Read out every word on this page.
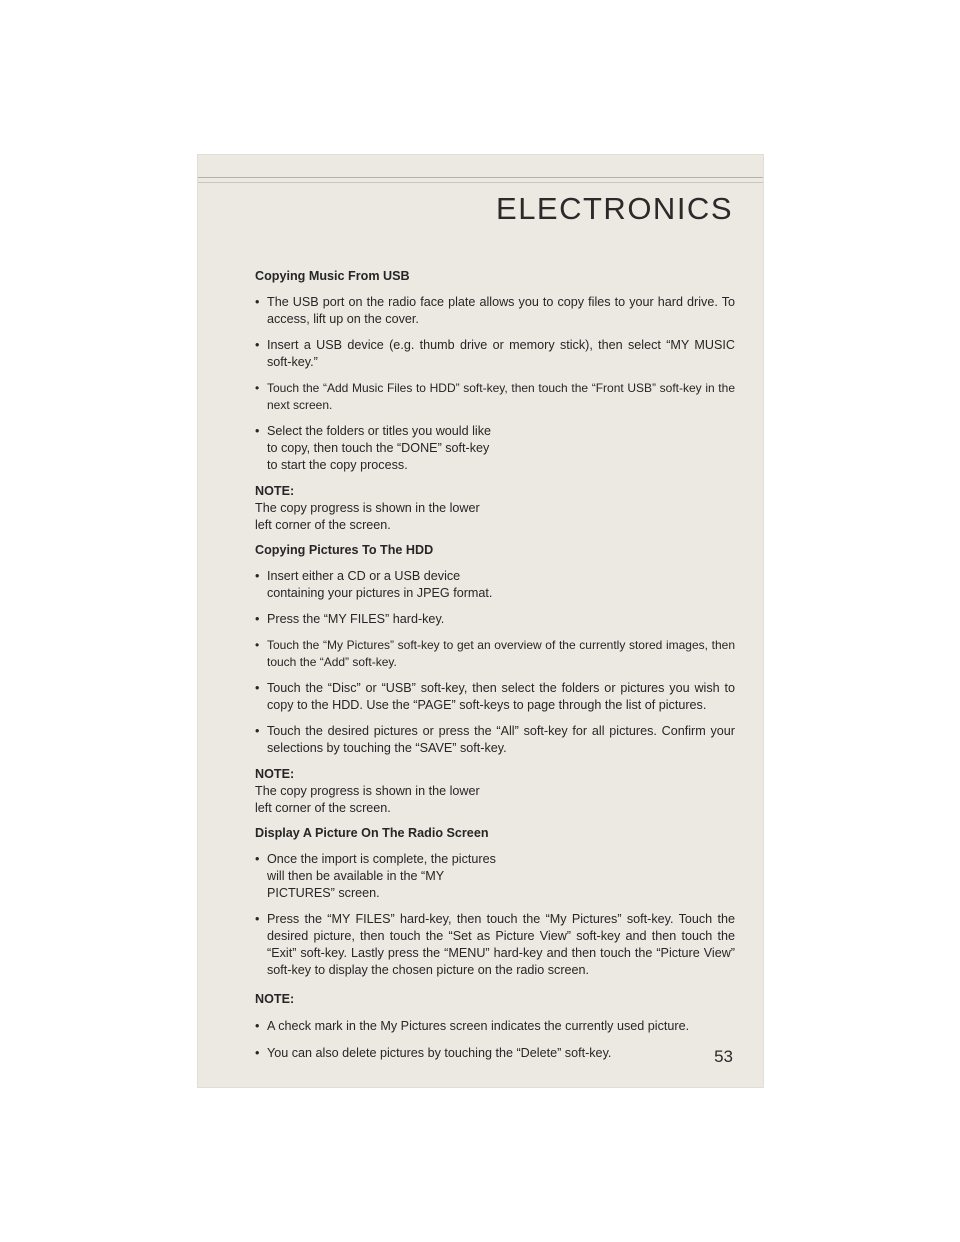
ELECTRONICS
Copying Music From USB
• The USB port on the radio face plate allows you to copy files to your hard drive. To access, lift up on the cover.
• Insert a USB device (e.g. thumb drive or memory stick), then select “MY MUSIC soft-key.”
• Touch the “Add Music Files to HDD” soft-key, then touch the “Front USB” soft-key in the next screen.
• Select the folders or titles you would like to copy, then touch the “DONE” soft-key to start the copy process.
NOTE:
The copy progress is shown in the lower left corner of the screen.
Copying Pictures To The HDD
• Insert either a CD or a USB device containing your pictures in JPEG format.
• Press the “MY FILES” hard-key.
• Touch the “My Pictures” soft-key to get an overview of the currently stored images, then touch the “Add” soft-key.
• Touch the “Disc” or “USB” soft-key, then select the folders or pictures you wish to copy to the HDD. Use the “PAGE” soft-keys to page through the list of pictures.
• Touch the desired pictures or press the “All” soft-key for all pictures. Confirm your selections by touching the “SAVE” soft-key.
NOTE:
The copy progress is shown in the lower left corner of the screen.
Display A Picture On The Radio Screen
• Once the import is complete, the pictures will then be available in the “MY PICTURES” screen.
• Press the “MY FILES” hard-key, then touch the “My Pictures” soft-key. Touch the desired picture, then touch the “Set as Picture View” soft-key and then touch the “Exit” soft-key. Lastly press the “MENU” hard-key and then touch the “Picture View” soft-key to display the chosen picture on the radio screen.
NOTE:
• A check mark in the My Pictures screen indicates the currently used picture.
• You can also delete pictures by touching the “Delete” soft-key.	53
